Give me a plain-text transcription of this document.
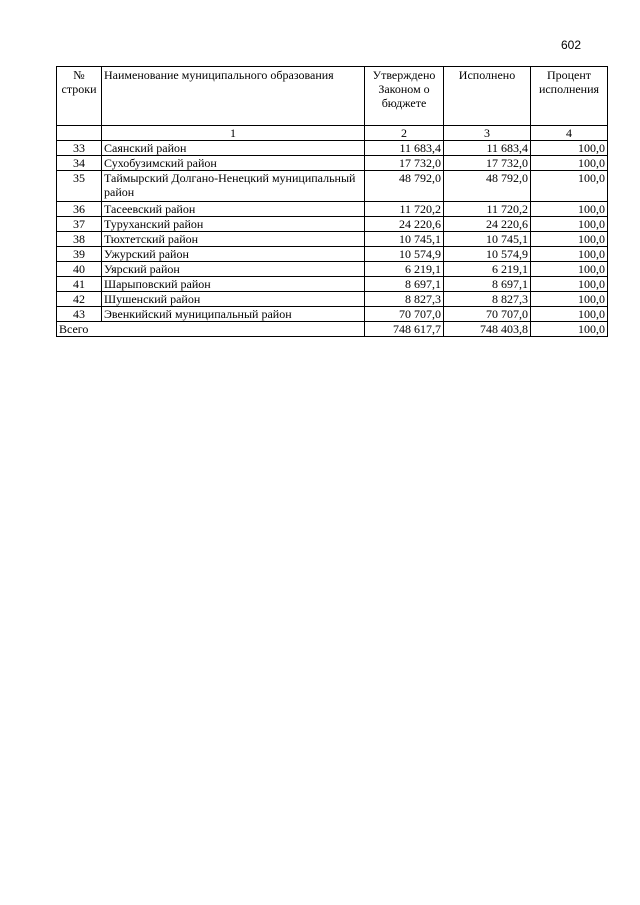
602
№ строки	Наименование муниципального образования	Утверждено Законом о бюджете	Исполнено	Процент исполнения
	1	2	3	4
33	Саянский район	11 683,4	11 683,4	100,0
34	Сухобузимский район	17 732,0	17 732,0	100,0
35	Таймырский Долгано-Ненецкий муниципальный район	48 792,0	48 792,0	100,0
36	Тасеевский район	11 720,2	11 720,2	100,0
37	Туруханский район	24 220,6	24 220,6	100,0
38	Тюхтетский район	10 745,1	10 745,1	100,0
39	Ужурский район	10 574,9	10 574,9	100,0
40	Уярский район	6 219,1	6 219,1	100,0
41	Шарыповский район	8 697,1	8 697,1	100,0
42	Шушенский район	8 827,3	8 827,3	100,0
43	Эвенкийский муниципальный район	70 707,0	70 707,0	100,0
Всего		748 617,7	748 403,8	100,0
